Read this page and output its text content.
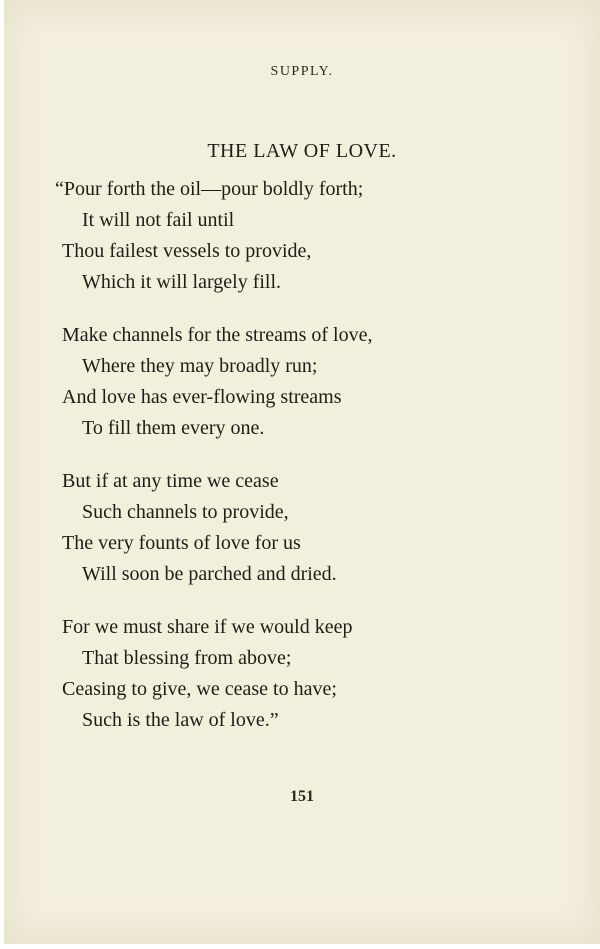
SUPPLY.
THE LAW OF LOVE.
“Pour forth the oil—pour boldly forth;
It will not fail until
Thou failest vessels to provide,
Which it will largely fill.
Make channels for the streams of love,
Where they may broadly run;
And love has ever-flowing streams
To fill them every one.
But if at any time we cease
Such channels to provide,
The very founts of love for us
Will soon be parched and dried.
For we must share if we would keep
That blessing from above;
Ceasing to give, we cease to have;
Such is the law of love.”
151
